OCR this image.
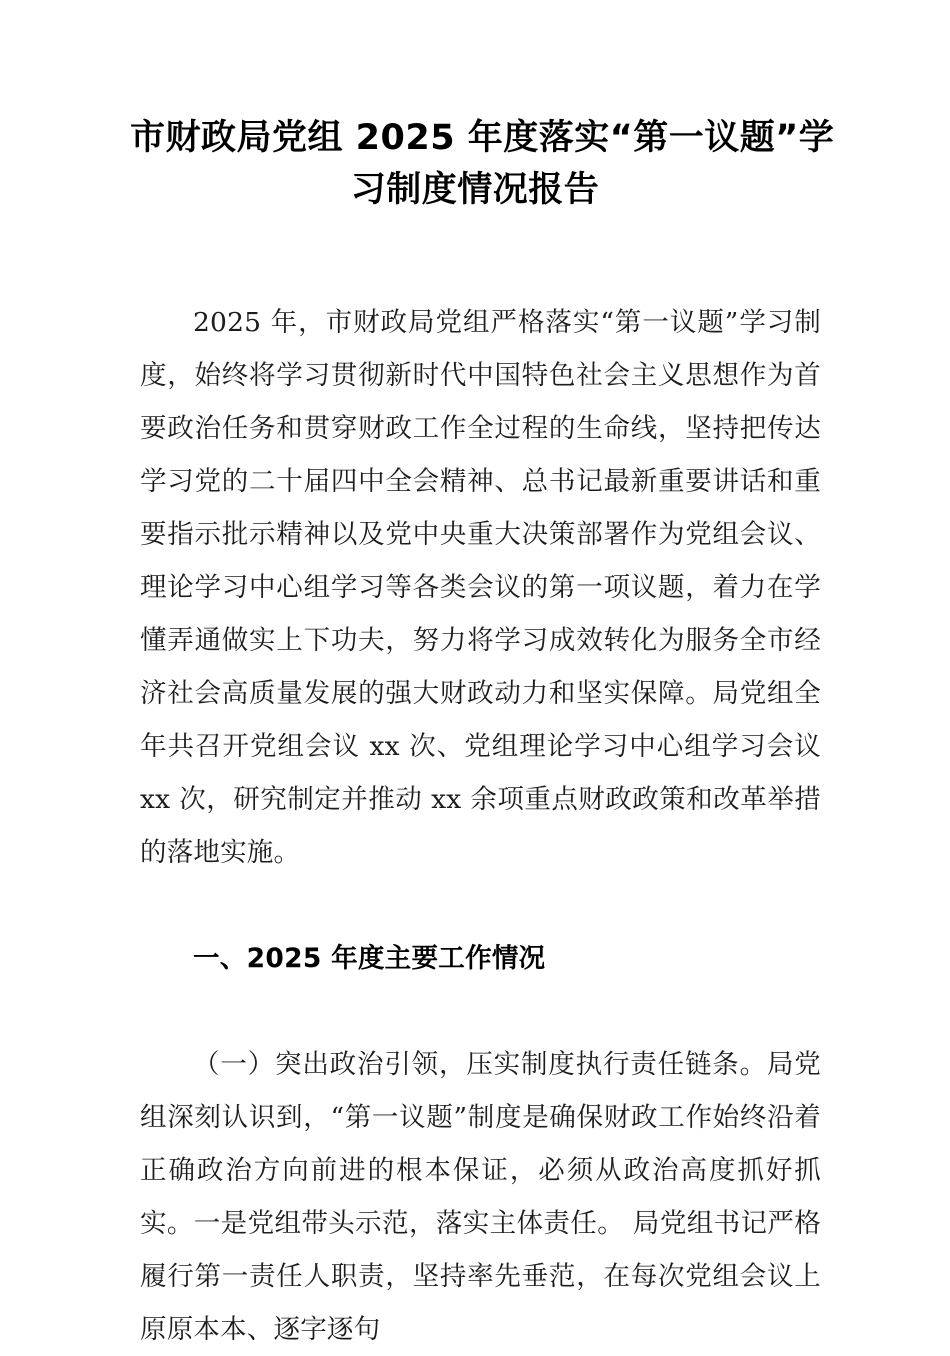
市财政局党组 2025 年度落实“第一议题”学
习制度情况报告

2025 年，市财政局党组严格落实“第一议题”学习制度，始终将学习贯彻新时代中国特色社会主义思想作为首要政治任务和贯穿财政工作全过程的生命线，坚持把传达学习党的二十届四中全会精神、总书记最新重要讲话和重要指示批示精神以及党中央重大决策部署作为党组会议、理论学习中心组学习等各类会议的第一项议题，着力在学懂弄通做实上下功夫，努力将学习成效转化为服务全市经济社会高质量发展的强大财政动力和坚实保障。局党组全年共召开党组会议 xx 次、党组理论学习中心组学习会议 xx 次，研究制定并推动 xx 余项重点财政政策和改革举措的落地实施。

一、2025 年度主要工作情况

（一）突出政治引领，压实制度执行责任链条。局党组深刻认识到，“第一议题”制度是确保财政工作始终沿着正确政治方向前进的根本保证，必须从政治高度抓好抓实。一是党组带头示范，落实主体责任。 局党组书记严格履行第一责任人职责，坚持率先垂范，在每次党组会议上原原本本、逐字逐句
